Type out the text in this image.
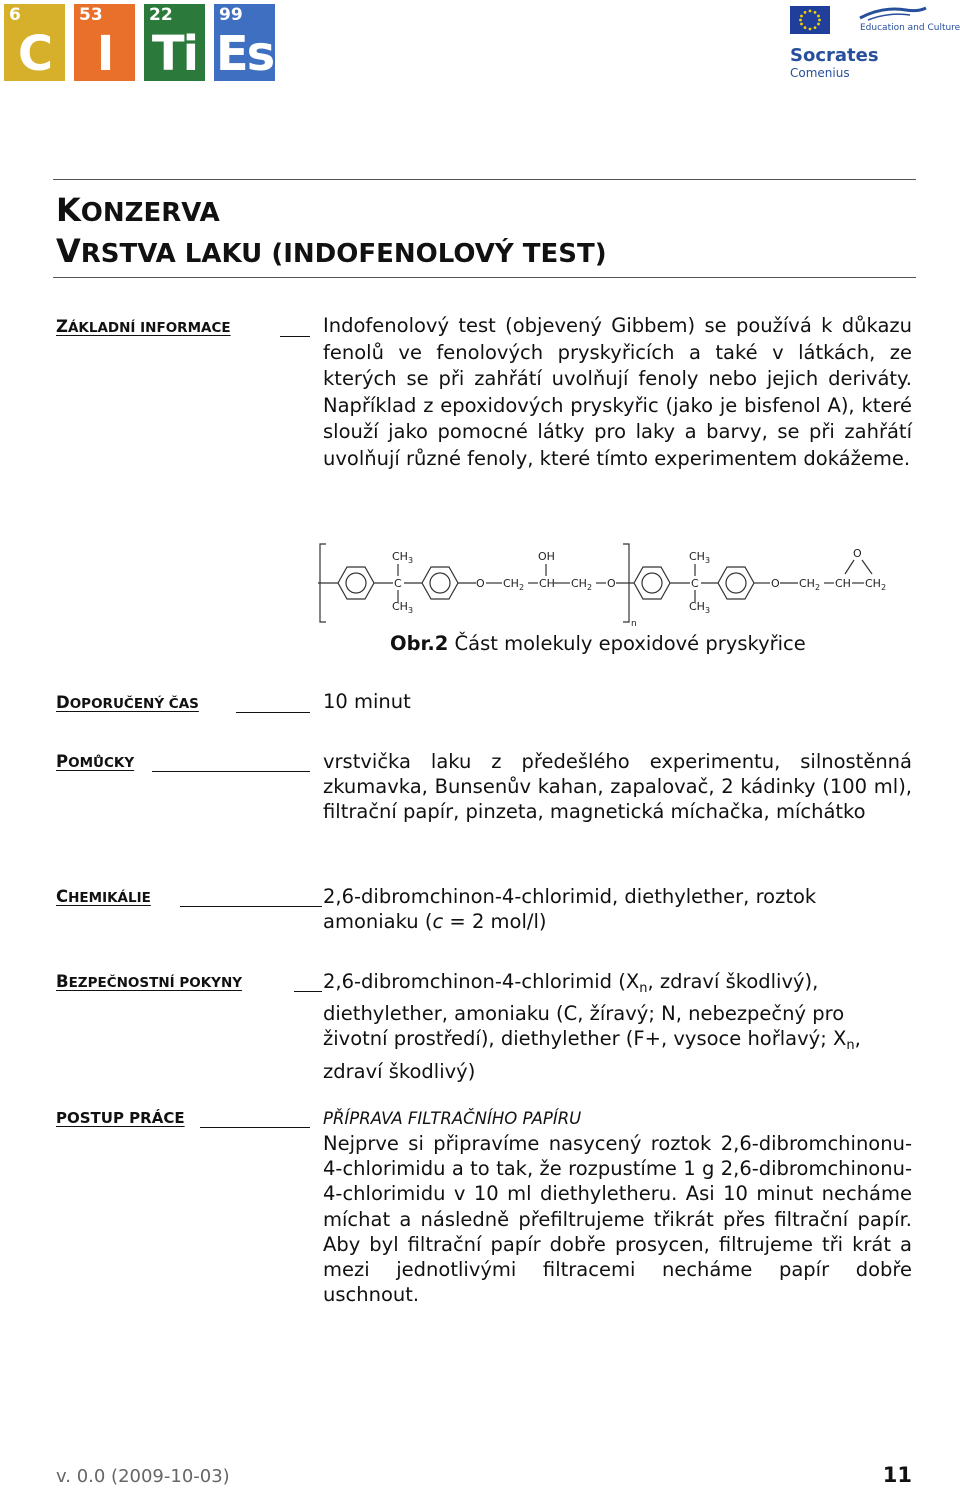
6
C
53
I
22
Ti
99
Es	Education and Culture
Socrates
Comenius
KONZERVA
VRSTVA LAKU (INDOFENOLOVÝ TEST)
ZÁKLADNÍ INFORMACE	Indofenolový test (objevený Gibbem) se používá k důkazu fenolů ve fenolových pryskyřicích a také v látkách, ze kterých se při zahřátí uvolňují fenoly nebo jejich deriváty. Například z epoxidových pryskyřic (jako je bisfenol A), které slouží jako pomocné látky pro laky a barvy, se při zahřátí uvolňují různé fenoly, které tímto experimentem dokážeme.
$CH_3$
C
$CH_3$
O $CH_2$
OH
CH $CH_2$ O
n
$CH_3$
C
$CH_3$
O $CH_2$ CH
O
$CH_2$
Obr.2 Část molekuly epoxidové pryskyřice
DOPORUČENÝ ČAS	10 minut
POMŮCKY	vrstvička laku z předešlého experimentu, silnostěnná zkumavka, Bunsenův kahan, zapalovač, 2 kádinky (100 ml), filtrační papír, pinzeta, magnetická míchačka, míchátko
CHEMIKÁLIE	2,6-dibromchinon-4-chlorimid, diethylether, roztok amoniaku (c = 2 mol/l)
BEZPEČNOSTNÍ POKYNY	2,6-dibromchinon-4-chlorimid ($X_n$, zdraví škodlivý), diethylether, amoniaku (C, žíravý; N, nebezpečný pro životní prostředí), diethylether (F+, vysoce hořlavý; $X_n$, zdraví škodlivý)
POSTUP PRÁCE	PŘÍPRAVA FILTRAČNÍHO PAPÍRU
Nejprve si připravíme nasycený roztok 2,6-dibromchinonu-4-chlorimidu a to tak, že rozpustíme 1 g 2,6-dibromchinonu-4-chlorimidu v 10 ml diethyletheru. Asi 10 minut necháme míchat a následně přefiltrujeme třikrát přes filtrační papír. Aby byl filtrační papír dobře prosycen, filtrujeme tři krát a mezi jednotlivými filtracemi necháme papír dobře uschnout.
v. 0.0 (2009-10-03)	11
